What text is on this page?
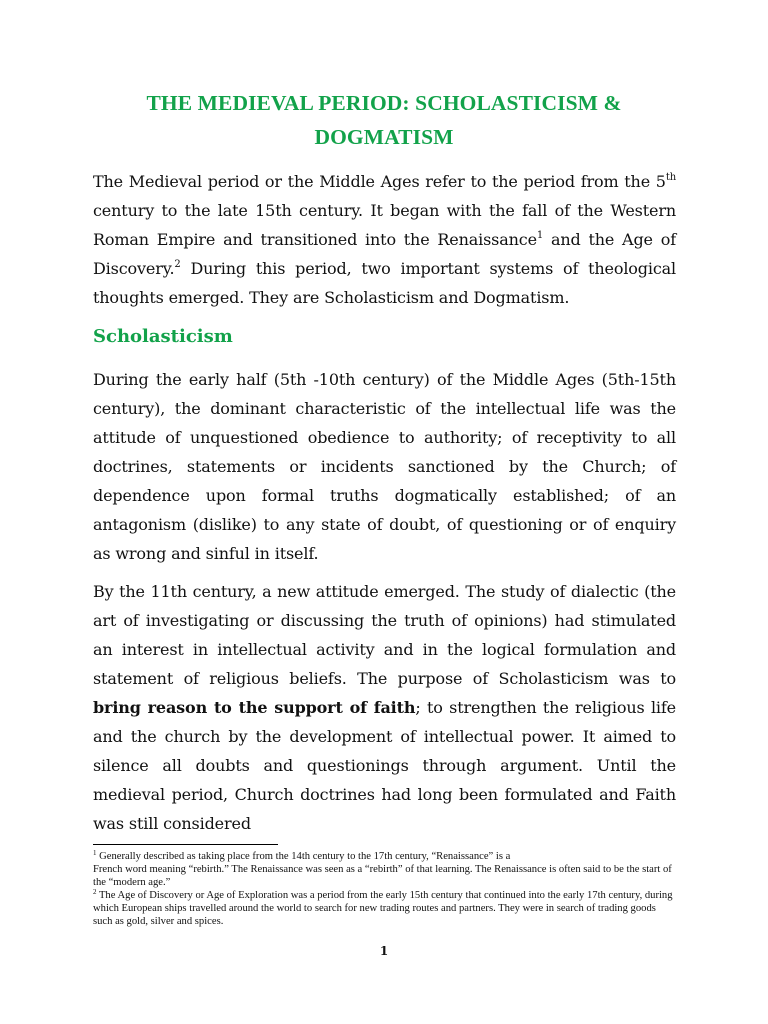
THE MEDIEVAL PERIOD: SCHOLASTICISM &
DOGMATISM

The Medieval period or the Middle Ages refer to the period from the 5th century to the late 15th century. It began with the fall of the Western Roman Empire and transitioned into the Renaissance$^1$ and the Age of Discovery.$^2$ During this period, two important systems of theological thoughts emerged. They are Scholasticism and Dogmatism.

Scholasticism

During the early half (5th -10th century) of the Middle Ages (5th-15th century), the dominant characteristic of the intellectual life was the attitude of unquestioned obedience to authority; of receptivity to all doctrines, statements or incidents sanctioned by the Church; of dependence upon formal truths dogmatically established; of an antagonism (dislike) to any state of doubt, of questioning or of enquiry as wrong and sinful in itself.

By the 11th century, a new attitude emerged. The study of dialectic (the art of investigating or discussing the truth of opinions) had stimulated an interest in intellectual activity and in the logical formulation and statement of religious beliefs. The purpose of Scholasticism was to bring reason to the support of faith; to strengthen the religious life and the church by the development of intellectual power. It aimed to silence all doubts and questionings through argument. Until the medieval period, Church doctrines had long been formulated and Faith was still considered

$^1$ Generally described as taking place from the 14th century to the 17th century, “Renaissance” is a

French word meaning “rebirth.” The Renaissance was seen as a “rebirth” of that learning. The Renaissance is often said to be the start of the “modern age.”

$^2$ The Age of Discovery or Age of Exploration was a period from the early 15th century that continued into the early 17th century, during which European ships travelled around the world to search for new trading routes and partners. They were in search of trading goods such as gold, silver and spices.

1
